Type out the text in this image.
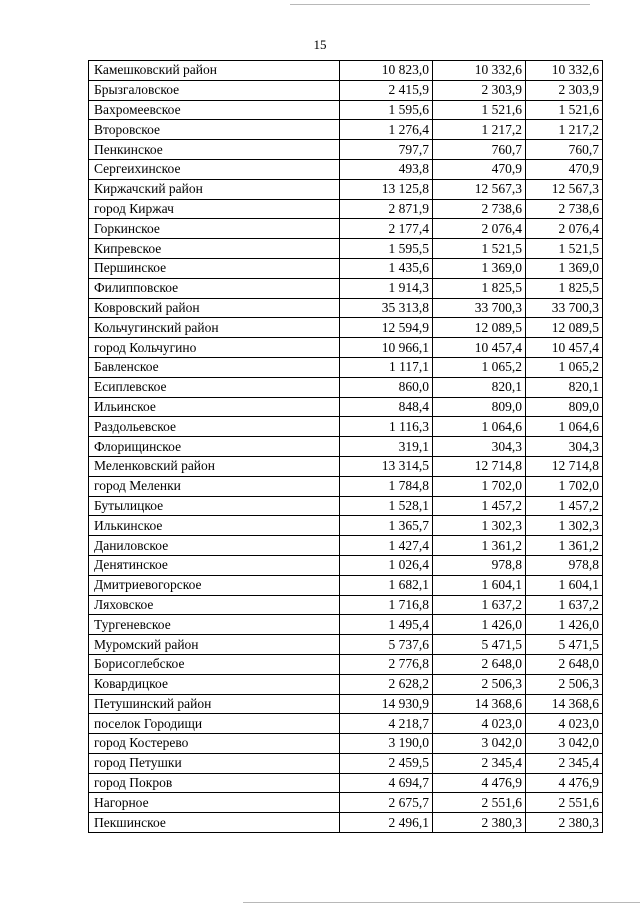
15
Камешковский район	10 823,0	10 332,6	10 332,6
Брызгаловское	2 415,9	2 303,9	2 303,9
Вахромеевское	1 595,6	1 521,6	1 521,6
Второвское	1 276,4	1 217,2	1 217,2
Пенкинское	797,7	760,7	760,7
Сергеихинское	493,8	470,9	470,9
Киржачский район	13 125,8	12 567,3	12 567,3
город Киржач	2 871,9	2 738,6	2 738,6
Горкинское	2 177,4	2 076,4	2 076,4
Кипревское	1 595,5	1 521,5	1 521,5
Першинское	1 435,6	1 369,0	1 369,0
Филипповское	1 914,3	1 825,5	1 825,5
Ковровский район	35 313,8	33 700,3	33 700,3
Кольчугинский район	12 594,9	12 089,5	12 089,5
город Кольчугино	10 966,1	10 457,4	10 457,4
Бавленское	1 117,1	1 065,2	1 065,2
Есиплевское	860,0	820,1	820,1
Ильинское	848,4	809,0	809,0
Раздольевское	1 116,3	1 064,6	1 064,6
Флорищинское	319,1	304,3	304,3
Меленковский район	13 314,5	12 714,8	12 714,8
город Меленки	1 784,8	1 702,0	1 702,0
Бутылицкое	1 528,1	1 457,2	1 457,2
Илькинское	1 365,7	1 302,3	1 302,3
Даниловское	1 427,4	1 361,2	1 361,2
Денятинское	1 026,4	978,8	978,8
Дмитриевогорское	1 682,1	1 604,1	1 604,1
Ляховское	1 716,8	1 637,2	1 637,2
Тургеневское	1 495,4	1 426,0	1 426,0
Муромский район	5 737,6	5 471,5	5 471,5
Борисоглебское	2 776,8	2 648,0	2 648,0
Ковардицкое	2 628,2	2 506,3	2 506,3
Петушинский район	14 930,9	14 368,6	14 368,6
поселок Городищи	4 218,7	4 023,0	4 023,0
город Костерево	3 190,0	3 042,0	3 042,0
город Петушки	2 459,5	2 345,4	2 345,4
город Покров	4 694,7	4 476,9	4 476,9
Нагорное	2 675,7	2 551,6	2 551,6
Пекшинское	2 496,1	2 380,3	2 380,3
